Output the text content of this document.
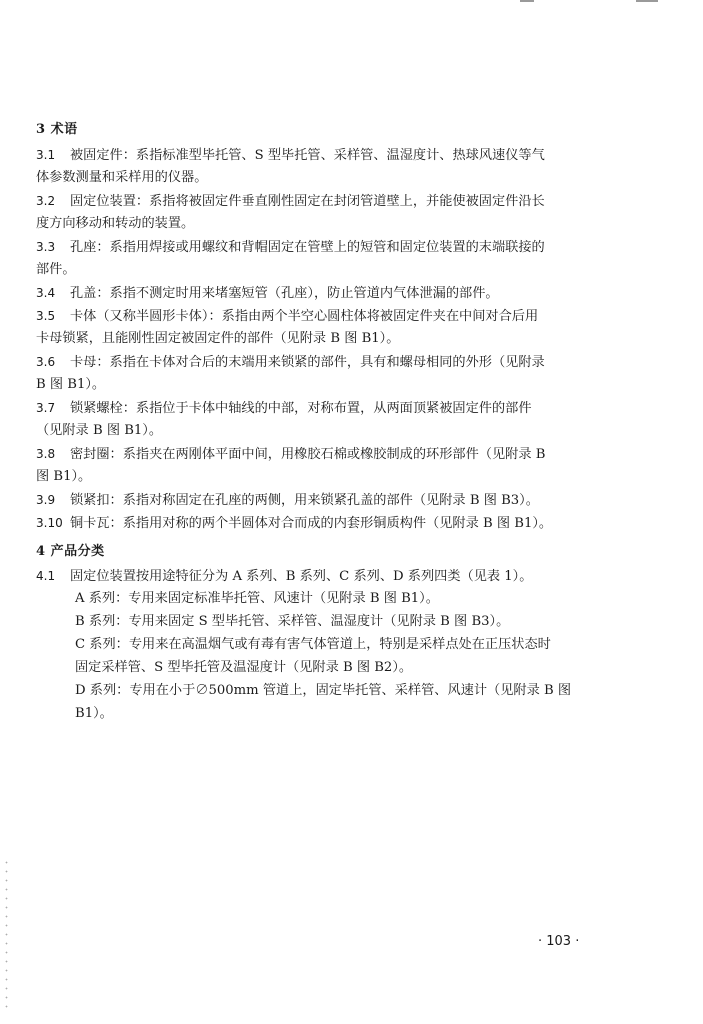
3 术语
3.1 被固定件：系指标准型毕托管、S 型毕托管、采样管、温湿度计、热球风速仪等气
体参数测量和采样用的仪器。
3.2 固定位装置：系指将被固定件垂直刚性固定在封闭管道壁上，并能使被固定件沿长
度方向移动和转动的装置。
3.3 孔座：系指用焊接或用螺纹和背帽固定在管壁上的短管和固定位装置的末端联接的
部件。
3.4 孔盖：系指不测定时用来堵塞短管（孔座），防止管道内气体泄漏的部件。
3.5 卡体（又称半圆形卡体）：系指由两个半空心圆柱体将被固定件夹在中间对合后用
卡母锁紧，且能刚性固定被固定件的部件（见附录 B 图 B1）。
3.6 卡母：系指在卡体对合后的末端用来锁紧的部件，具有和螺母相同的外形（见附录
B 图 B1）。
3.7 锁紧螺栓：系指位于卡体中轴线的中部，对称布置，从两面顶紧被固定件的部件
（见附录 B 图 B1）。
3.8 密封圈：系指夹在两刚体平面中间，用橡胶石棉或橡胶制成的环形部件（见附录 B
图 B1）。
3.9 锁紧扣：系指对称固定在孔座的两侧，用来锁紧孔盖的部件（见附录 B 图 B3）。
3.10 铜卡瓦：系指用对称的两个半圆体对合而成的内套形铜质构件（见附录 B 图 B1）。
4 产品分类
4.1 固定位装置按用途特征分为 A 系列、B 系列、C 系列、D 系列四类（见表 1）。
A 系列：专用来固定标准毕托管、风速计（见附录 B 图 B1）。
B 系列：专用来固定 S 型毕托管、采样管、温湿度计（见附录 B 图 B3）。
C 系列：专用来在高温烟气或有毒有害气体管道上，特别是采样点处在正压状态时
固定采样管、S 型毕托管及温湿度计（见附录 B 图 B2）。
D 系列：专用在小于∅500mm 管道上，固定毕托管、采样管、风速计（见附录 B 图
B1）。
· 103 ·
